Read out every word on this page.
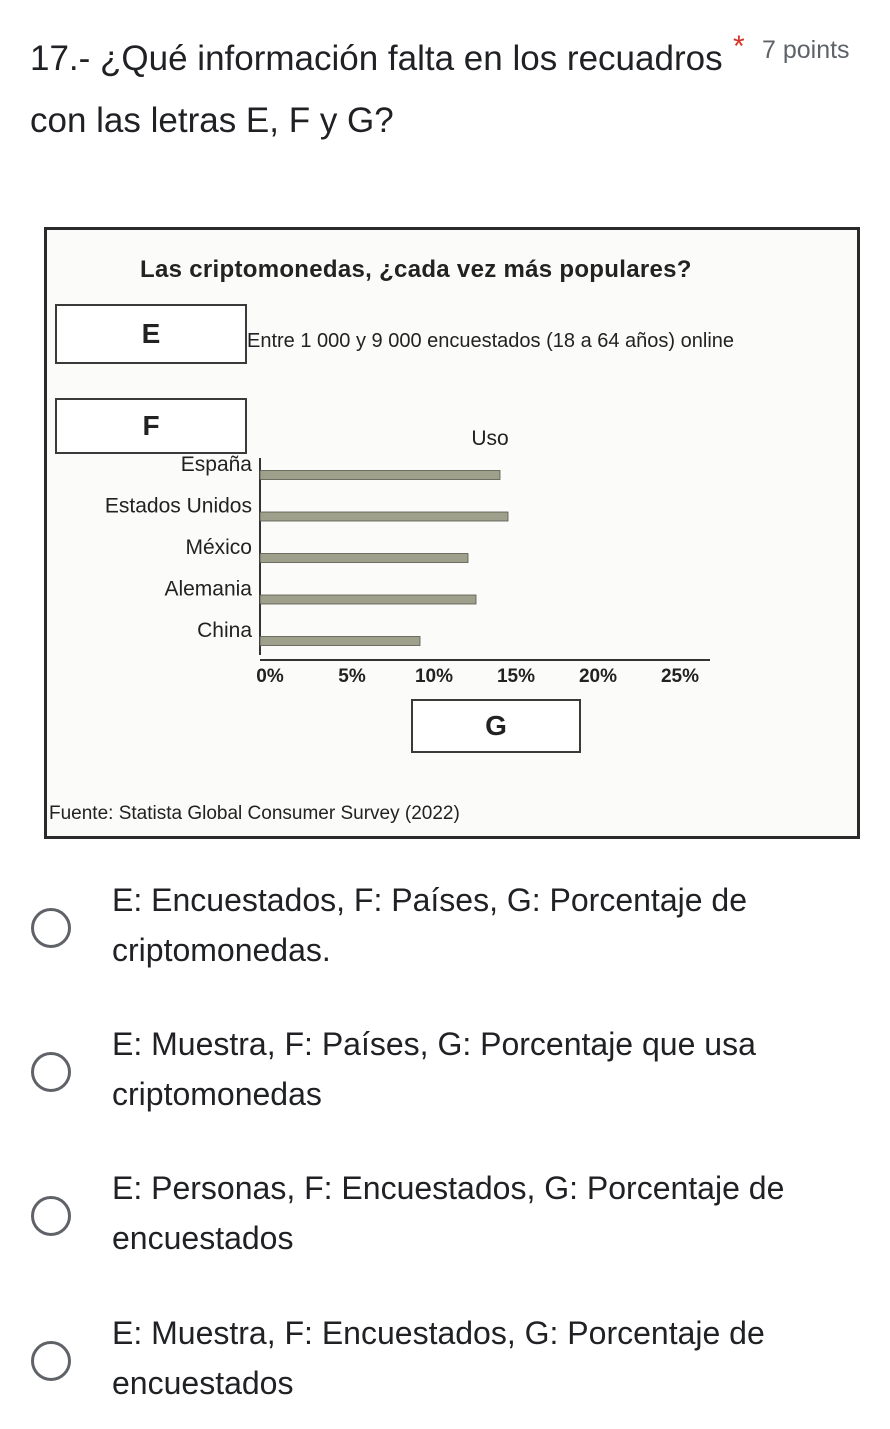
17.- ¿Qué información falta en los recuadros con las letras E, F y G?
* 7 points
Las criptomonedas, ¿cada vez más populares?
E	Entre 1 000 y 9 000 encuestados (18 a 64 años) online
F	Uso
España
Estados Unidos
México
Alemania
China
0%	5%	10% 15% 20% 25%
G
Fuente: Statista Global Consumer Survey (2022)
E: Encuestados, F: Países, G: Porcentaje de criptomonedas.
E: Muestra, F: Países, G: Porcentaje que usa criptomonedas
E: Personas, F: Encuestados, G: Porcentaje de encuestados
E: Muestra, F: Encuestados, G: Porcentaje de encuestados
